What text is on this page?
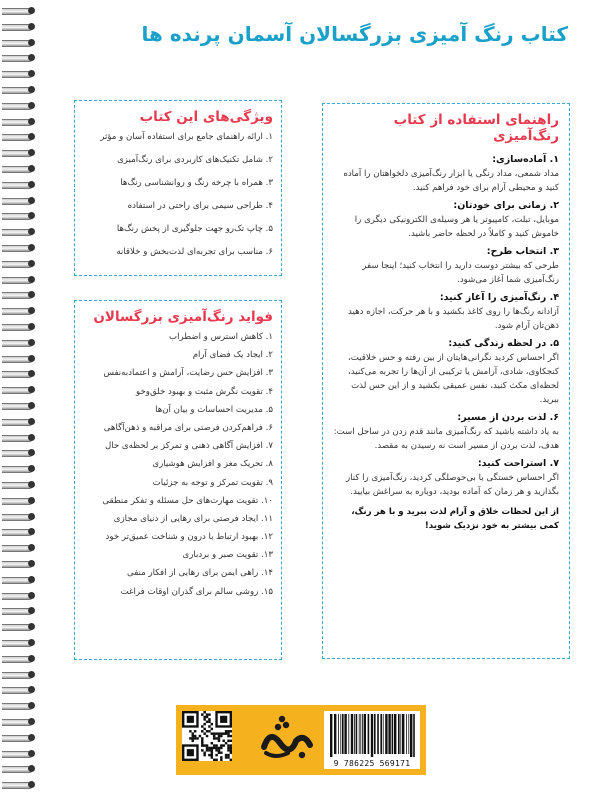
کتاب رنگ آمیزی بزرگسالان آسمان پرنده ها
راهنمای استفاده از کتاب رنگ‌آمیزی
۱. آماده‌سازی:

مداد شمعی، مداد رنگی یا ابزار رنگ‌آمیزی دلخواهتان را آماده کنید و محیطی آرام برای خود فراهم کنید.

۲. زمانی برای خودتان:

موبایل، تبلت، کامپیوتر یا هر وسیله‌ی الکترونیکی دیگری را خاموش کنید و کاملاً در لحظه حاضر باشید.

۳. انتخاب طرح:

طرحی که بیشتر دوست دارید را انتخاب کنید؛ اینجا سفر رنگ‌آمیزی شما آغاز می‌شود.

۴. رنگ‌آمیزی را آغاز کنید:

آزادانه رنگ‌ها را روی کاغذ بکشید و با هر حرکت، اجازه دهید ذهن‌تان آرام شود.

۵. در لحظه زندگی کنید:

اگر احساس کردید نگرانی‌هایتان از بین رفته و حس خلاقیت، کنجکاوی، شادی، آرامش یا ترکیبی از آن‌ها را تجربه می‌کنید، لحظه‌ای مکث کنید، نفس عمیقی بکشید و از این حس لذت ببرید.

۶. لذت بردن از مسیر:

به یاد داشته باشید که رنگ‌آمیزی مانند قدم زدن در ساحل است: هدف، لذت بردن از مسیر است نه رسیدن به مقصد.

۷. استراحت کنید:

اگر احساس خستگی یا بی‌حوصلگی کردید، رنگ‌آمیزی را کنار بگذارید و هر زمان که آماده بودید، دوباره به سراغش بیایید.

از این لحظات خلاق و آرام لذت ببرید و با هر رنگ، کمی بیشتر به خود نزدیک شوید!

ویژگی‌های این کتاب
۱. ارائه راهنمای جامع برای استفاده آسان و مؤثر
۲. شامل تکنیک‌های کاربردی برای رنگ‌آمیزی
۳. همراه با چرخه رنگ و روانشناسی رنگ‌ها
۴. طراحی سیمی برای راحتی در استفاده
۵. چاپ تک‌رو جهت جلوگیری از پخش رنگ‌ها
۶. مناسب برای تجربه‌ای لذت‌بخش و خلاقانه
فواید رنگ‌آمیزی بزرگسالان
۱. کاهش استرس و اضطراب
۲. ایجاد یک فضای آرام
۳. افزایش حس رضایت، آرامش و اعتماد‌به‌نفس
۴. تقویت نگرش مثبت و بهبود خلق‌وخو
۵. مدیریت احساسات و بیان آن‌ها
۶. فراهم‌کردن فرصتی برای مراقبه و ذهن‌آگاهی
۷. افزایش آگاهی ذهنی و تمرکز بر لحظه‌ی حال
۸. تحریک مغز و افزایش هوشیاری
۹. تقویت تمرکز و توجه به جزئیات
۱۰. تقویت مهارت‌های حل مسئله و تفکر منطقی
۱۱. ایجاد فرصتی برای رهایی از دنیای مجازی
۱۲. بهبود ارتباط با درون و شناخت عمیق‌تر خود
۱۳. تقویت صبر و بردباری
۱۴. راهی ایمن برای رهایی از افکار منفی
۱۵. روشی سالم برای گذران اوقات فراغت
9 786225 569171
